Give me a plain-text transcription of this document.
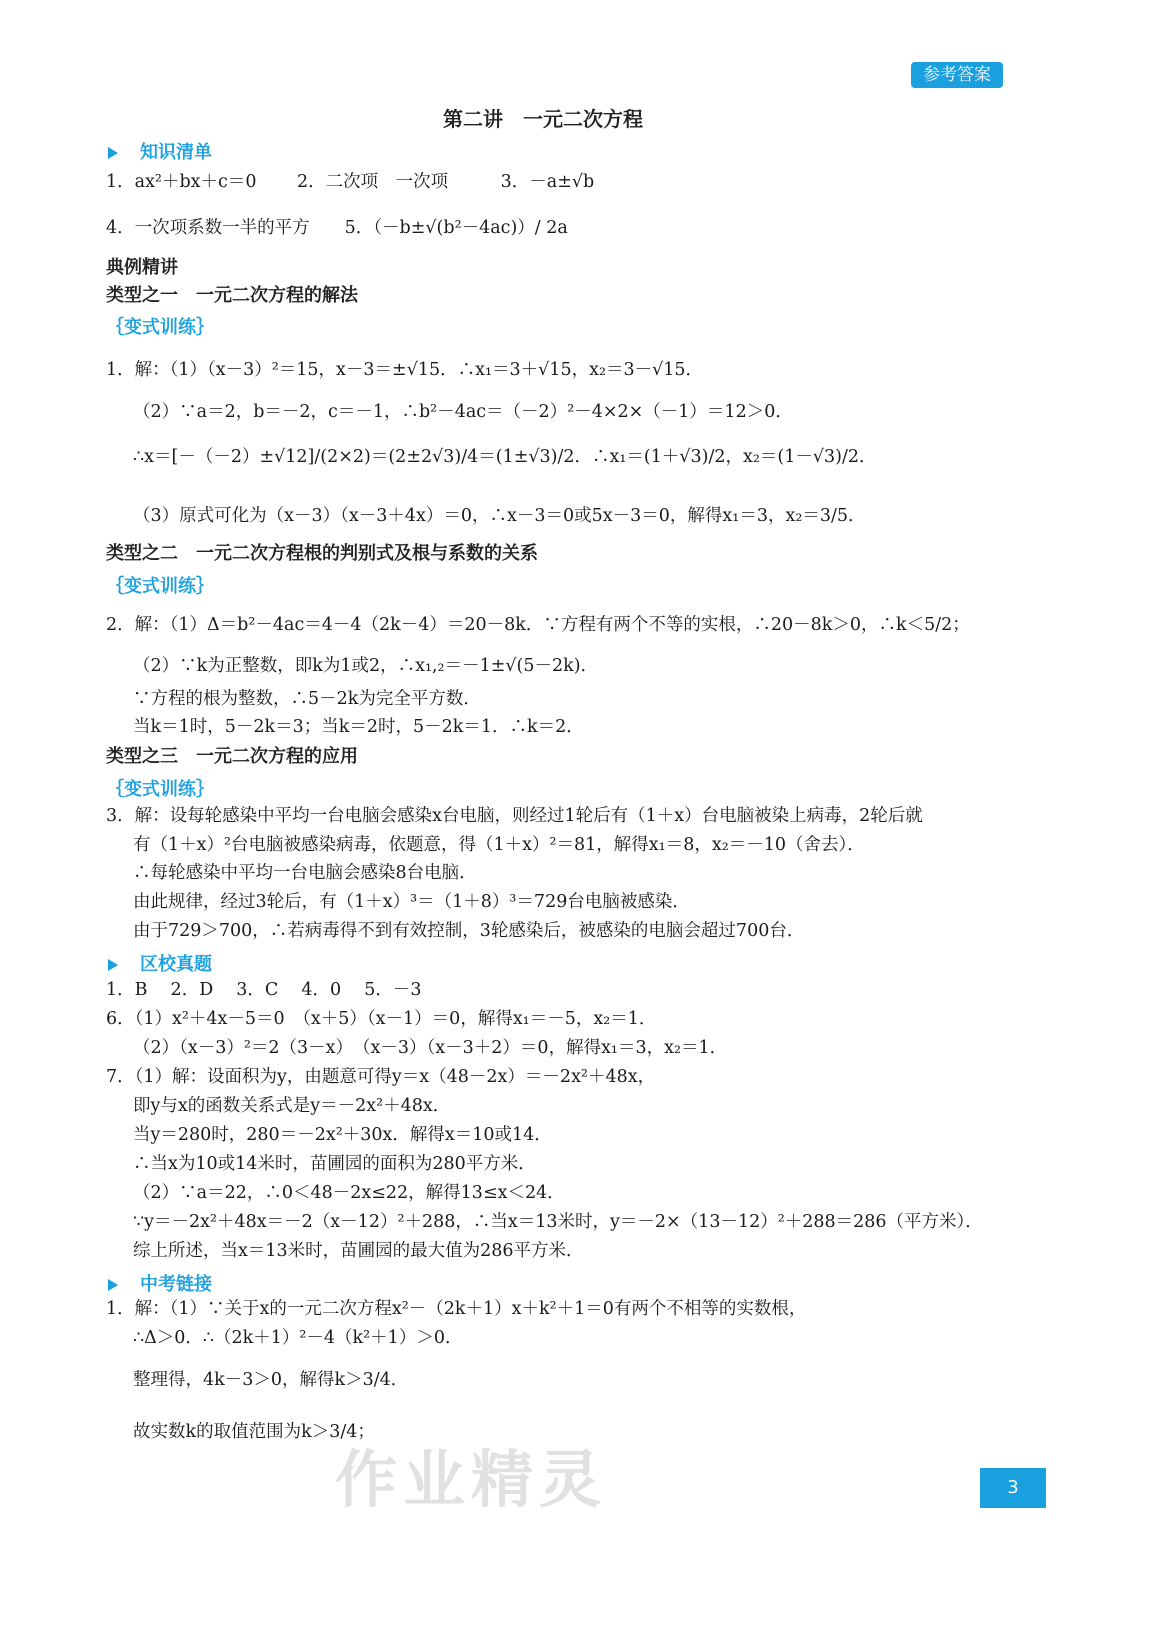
参考答案
第二讲　一元二次方程
知识清单
1．ax²＋bx＋c＝0　　 2．二次项　一次项　　　3．－a±√b
4．一次项系数一半的平方　　5．（－b±√(b²－4ac)）/ 2a
典例精讲
类型之一　一元二次方程的解法
｛变式训练｝
1．解：（1）（x－3）²＝15，x－3＝±√15．∴x₁＝3＋√15，x₂＝3－√15．
（2）∵a＝2，b＝－2，c＝－1，∴b²－4ac＝（－2）²－4×2×（－1）＝12＞0．
∴x＝[－（－2）±√12]/(2×2)＝(2±2√3)/4＝(1±√3)/2．∴x₁＝(1＋√3)/2，x₂＝(1－√3)/2．
（3）原式可化为（x－3）（x－3＋4x）＝0，∴x－3＝0或5x－3＝0，解得x₁＝3，x₂＝3/5．
类型之二　一元二次方程根的判别式及根与系数的关系
｛变式训练｝
2．解：（1）Δ＝b²－4ac＝4－4（2k－4）＝20－8k．∵方程有两个不等的实根，∴20－8k＞0，∴k＜5/2；
（2）∵k为正整数，即k为1或2，∴x₁,₂＝－1±√(5－2k)．
∵方程的根为整数，∴5－2k为完全平方数．
当k＝1时，5－2k＝3；当k＝2时，5－2k＝1．∴k＝2．
类型之三　一元二次方程的应用
｛变式训练｝
3．解：设每轮感染中平均一台电脑会感染x台电脑，则经过1轮后有（1＋x）台电脑被染上病毒，2轮后就
有（1＋x）²台电脑被感染病毒，依题意，得（1＋x）²＝81，解得x₁＝8，x₂＝－10（舍去）．
∴每轮感染中平均一台电脑会感染8台电脑．
由此规律，经过3轮后，有（1＋x）³＝（1＋8）³＝729台电脑被感染．
由于729＞700，∴若病毒得不到有效控制，3轮感染后，被感染的电脑会超过700台．
区校真题
1．B　 2．D　 3．C　 4．0　 5．－3
6．（1）x²＋4x－5＝0　（x＋5）（x－1）＝0，解得x₁＝－5，x₂＝1．
（2）（x－3）²＝2（3－x）　（x－3）（x－3＋2）＝0，解得x₁＝3，x₂＝1．
7．（1）解：设面积为y，由题意可得y＝x（48－2x）＝－2x²＋48x，
即y与x的函数关系式是y＝－2x²＋48x．
当y＝280时，280＝－2x²＋30x．解得x＝10或14．
∴当x为10或14米时，苗圃园的面积为280平方米．
（2）∵a＝22，∴0＜48－2x≤22，解得13≤x＜24．
∵y＝－2x²＋48x＝－2（x－12）²＋288，∴当x＝13米时，y＝－2×（13－12）²＋288＝286（平方米）．
综上所述，当x＝13米时，苗圃园的最大值为286平方米．
中考链接
1．解：（1）∵关于x的一元二次方程x²－（2k＋1）x＋k²＋1＝0有两个不相等的实数根，
∴Δ＞0．∴（2k＋1）²－4（k²＋1）＞0．
整理得，4k－3＞0，解得k＞3/4．
故实数k的取值范围为k＞3/4；
作业精灵	3
